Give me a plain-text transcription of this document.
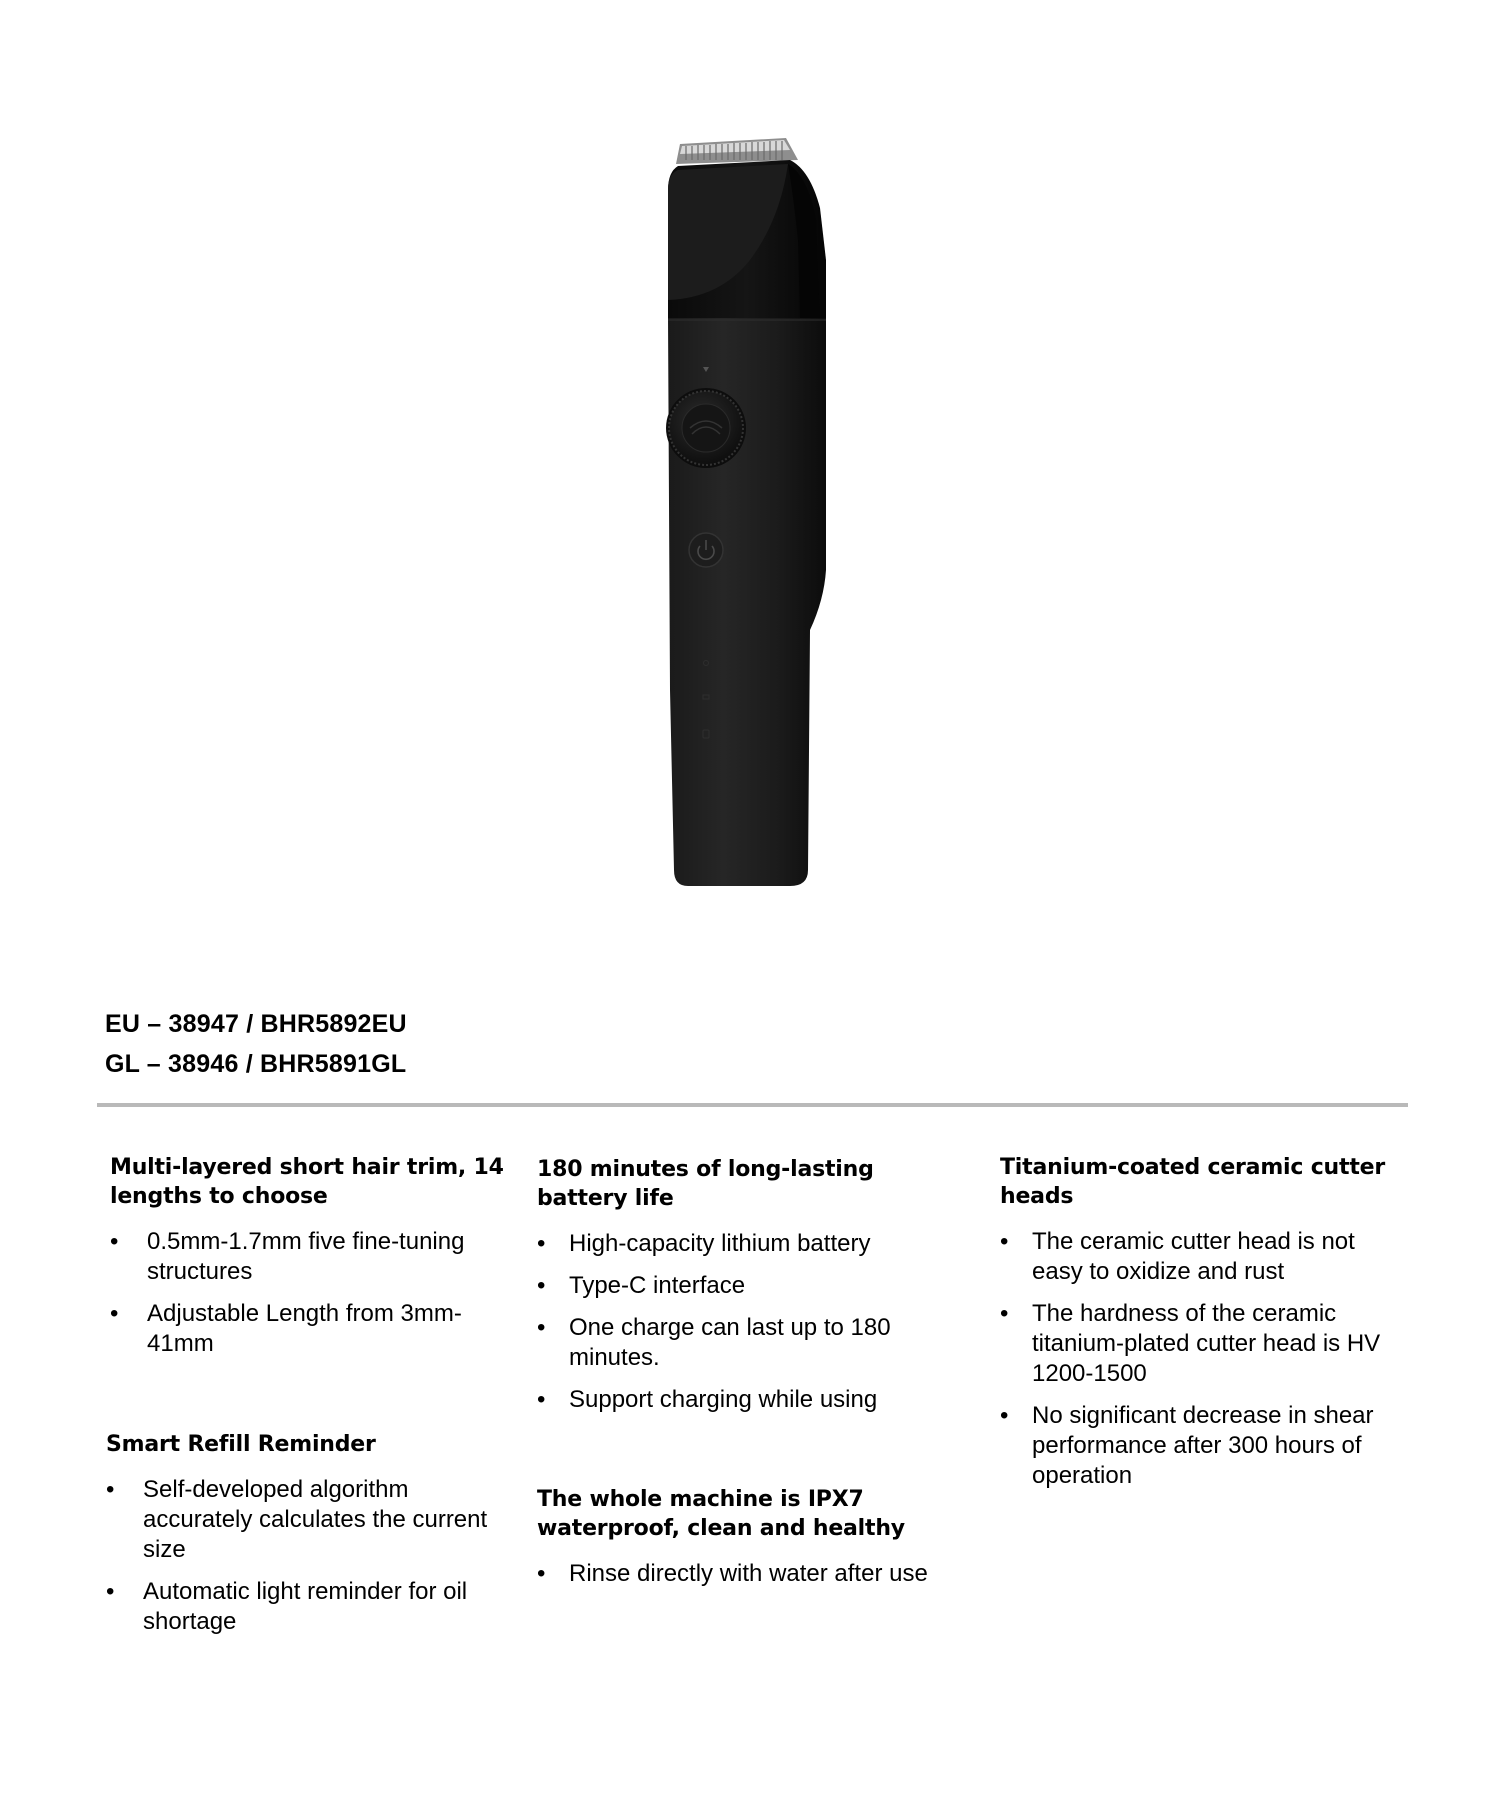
EU – 38947 / BHR5892EU
GL – 38946 / BHR5891GL
Multi-layered short hair trim, 14 lengths to choose
• 0.5mm-1.7mm five fine-tuning structures
• Adjustable Length from 3mm-41mm
Smart Refill Reminder
• Self-developed algorithm accurately calculates the current size
• Automatic light reminder for oil shortage
180 minutes of long-lasting battery life
• High-capacity lithium battery
• Type-C interface
• One charge can last up to 180 minutes.
• Support charging while using
The whole machine is IPX7 waterproof, clean and healthy
• Rinse directly with water after use
Titanium-coated ceramic cutter heads
• The ceramic cutter head is not easy to oxidize and rust
• The hardness of the ceramic titanium-plated cutter head is HV 1200-1500
• No significant decrease in shear performance after 300 hours of operation
